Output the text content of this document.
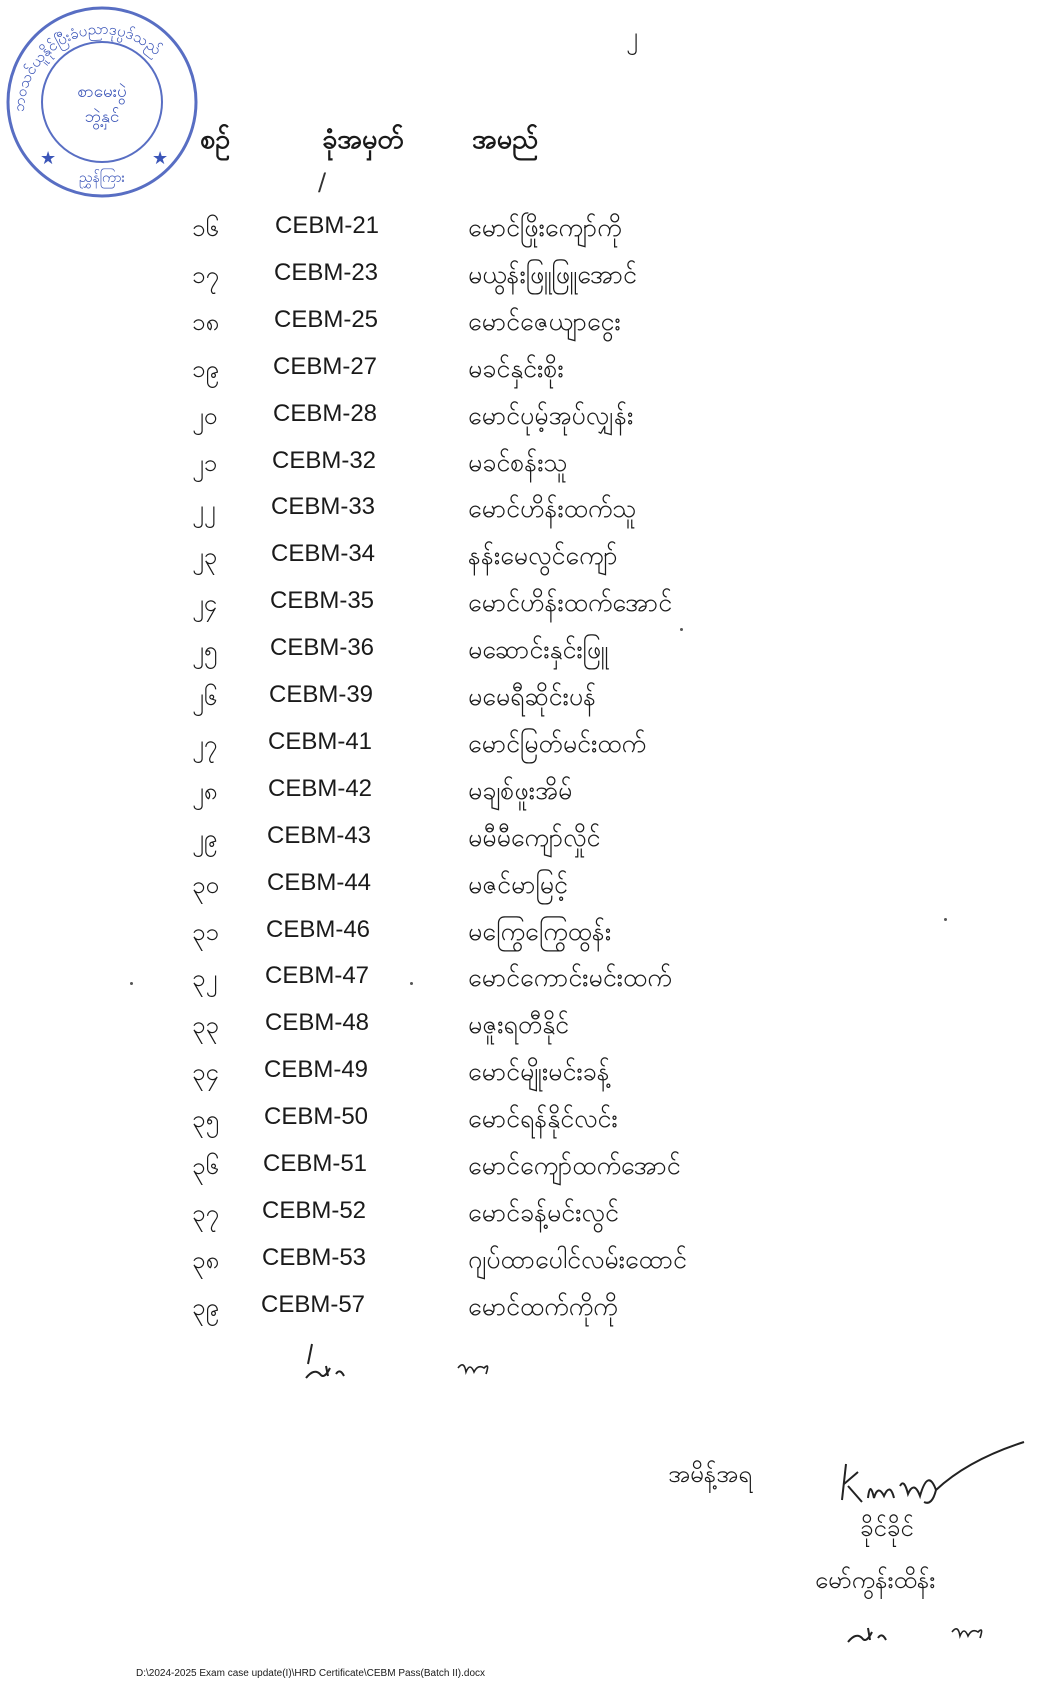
၂
ဘဝသင်ယူနိုင်ပြီးခံပညာဒုပ္ပဒ်သည်
စာမေးပွဲ
ဘွဲ့နှင်
ညွှန်ကြား
★	★
စဉ်	ခုံအမှတ်	အမည်
/
၁၆ CEBM-21	မောင်ဖြိုးကျော်ကို
၁၇ CEBM-23	မယွန်းဖြူဖြူအောင်
၁၈ CEBM-25	မောင်ဇေယျာငွေး
၁၉ CEBM-27	မခင်နှင်းစိုး
၂၀ CEBM-28	မောင်ပုမ့်အုပ်လျှန်း
၂၁ CEBM-32	မခင်စန်းသူ
၂၂ CEBM-33	မောင်ဟိန်းထက်သူ
၂၃ CEBM-34	နန်းမေလွင်ကျော်
၂၄ CEBM-35	မောင်ဟိန်းထက်အောင်
၂၅ CEBM-36	မဆောင်းနှင်းဖြူ
၂၆ CEBM-39	မမေရီဆိုင်းပန်
၂၇ CEBM-41	မောင်မြတ်မင်းထက်
၂၈ CEBM-42	မချစ်ဖူးအိမ်
၂၉ CEBM-43	မမီမီကျော်လှိုင်
၃၀ CEBM-44	မဇင်မာမြင့်
၃၁ CEBM-46	မကြွေကြွေထွန်း
၃၂ CEBM-47	မောင်ကောင်းမင်းထက်
၃၃ CEBM-48	မဇူးရတီနိုင်
၃၄ CEBM-49	မောင်မျိုးမင်းခန့်
၃၅ CEBM-50	မောင်ရန်နိုင်လင်း
၃၆ CEBM-51	မောင်ကျော်ထက်အောင်
၃၇ CEBM-52	မောင်ခန့်မင်းလွင်
၃၈ CEBM-53	ဂျပ်ထာပေါင်လမ်းထောင်
၃၉ CEBM-57	မောင်ထက်ကိုကို
အမိန့်အရ
ခိုင်ခိုင်
မော်ကွန်းထိန်း
D:\2024-2025 Exam case update(I)\HRD Certificate\CEBM Pass(Batch II).docx
